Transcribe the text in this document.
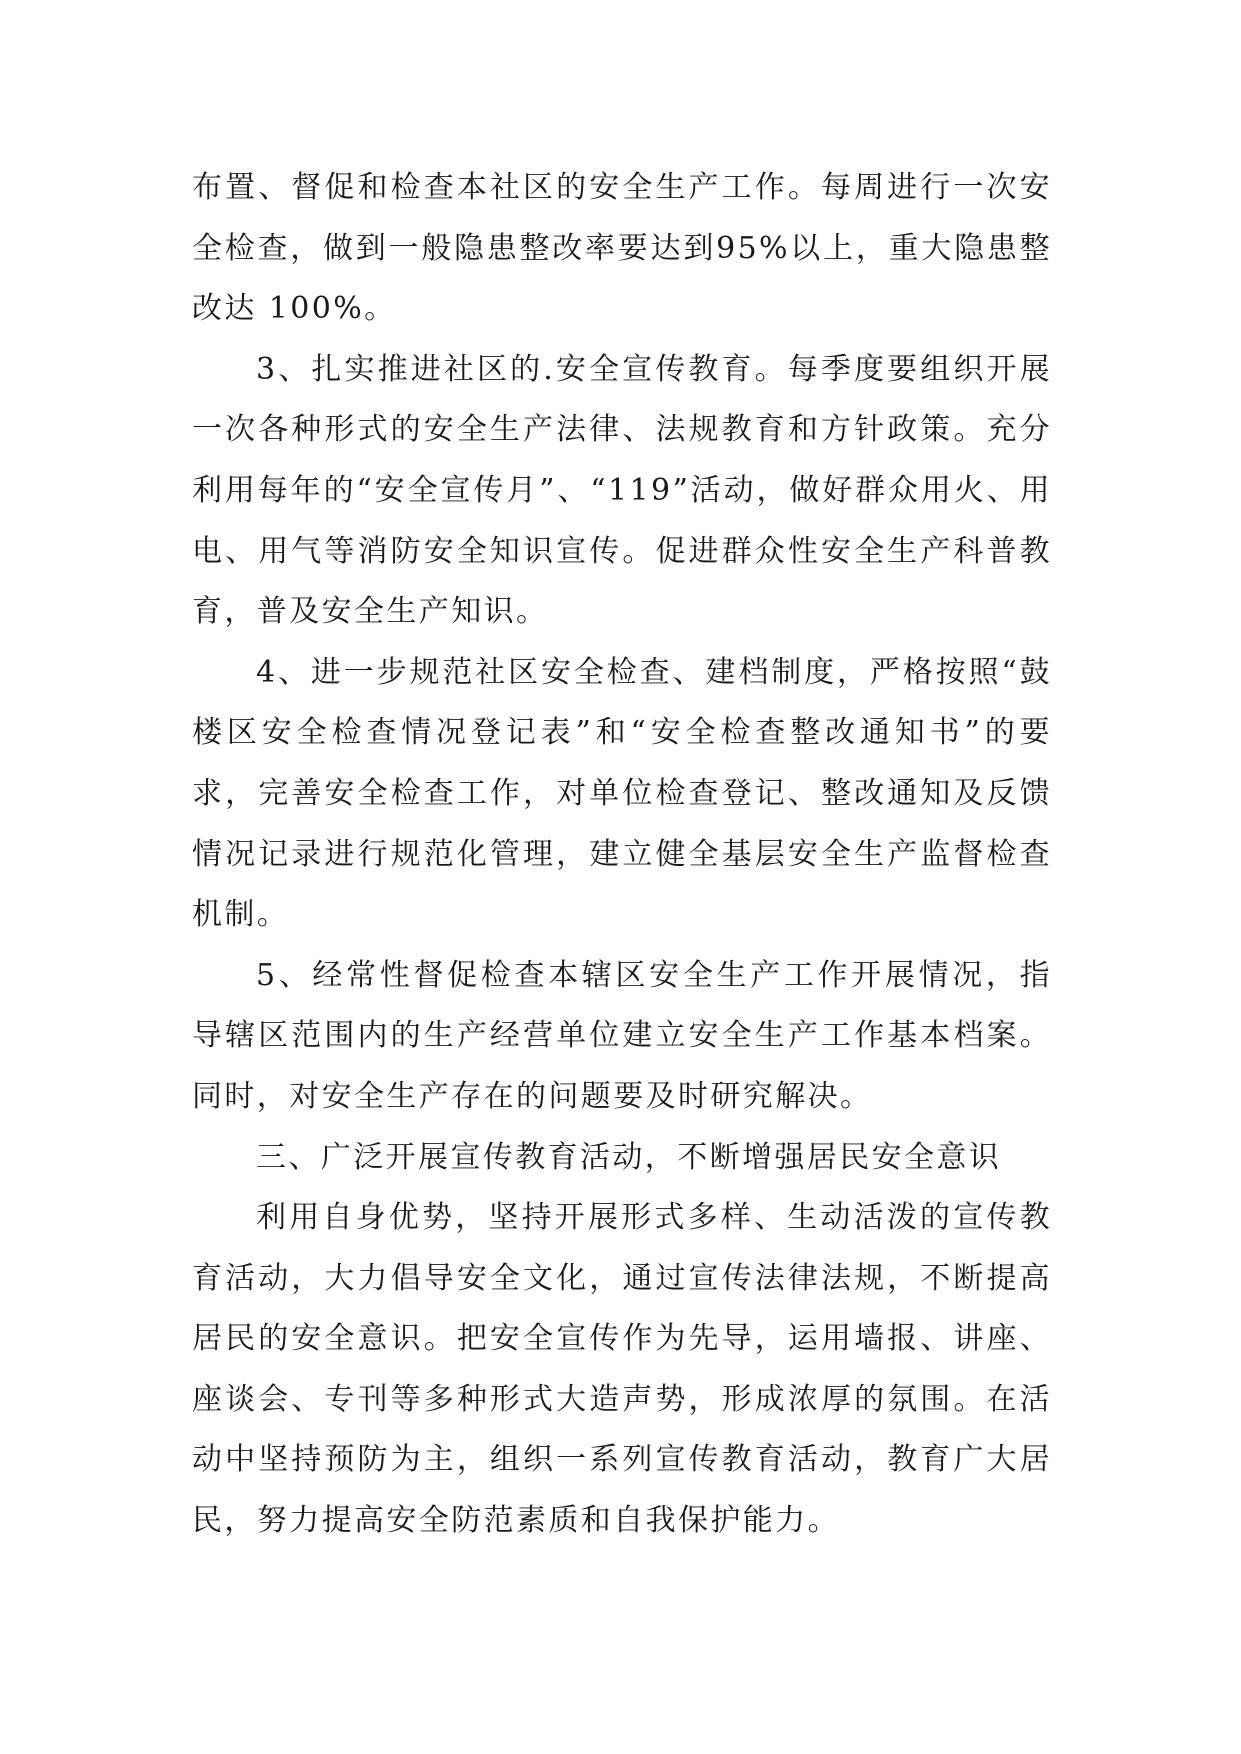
布置、督促和检查本社区的安全生产工作。每周进行一次安全检查，做到一般隐患整改率要达到95%以上，重大隐患整改达 100%。

3、扎实推进社区的.安全宣传教育。每季度要组织开展一次各种形式的安全生产法律、法规教育和方针政策。充分利用每年的“安全宣传月”、“119”活动，做好群众用火、用电、用气等消防安全知识宣传。促进群众性安全生产科普教育，普及安全生产知识。

4、进一步规范社区安全检查、建档制度，严格按照“鼓楼区安全检查情况登记表”和“安全检查整改通知书”的要求，完善安全检查工作，对单位检查登记、整改通知及反馈情况记录进行规范化管理，建立健全基层安全生产监督检查机制。

5、经常性督促检查本辖区安全生产工作开展情况，指导辖区范围内的生产经营单位建立安全生产工作基本档案。同时，对安全生产存在的问题要及时研究解决。

三、广泛开展宣传教育活动，不断增强居民安全意识

利用自身优势，坚持开展形式多样、生动活泼的宣传教育活动，大力倡导安全文化，通过宣传法律法规，不断提高居民的安全意识。把安全宣传作为先导，运用墙报、讲座、座谈会、专刊等多种形式大造声势，形成浓厚的氛围。在活动中坚持预防为主，组织一系列宣传教育活动，教育广大居民，努力提高安全防范素质和自我保护能力。
